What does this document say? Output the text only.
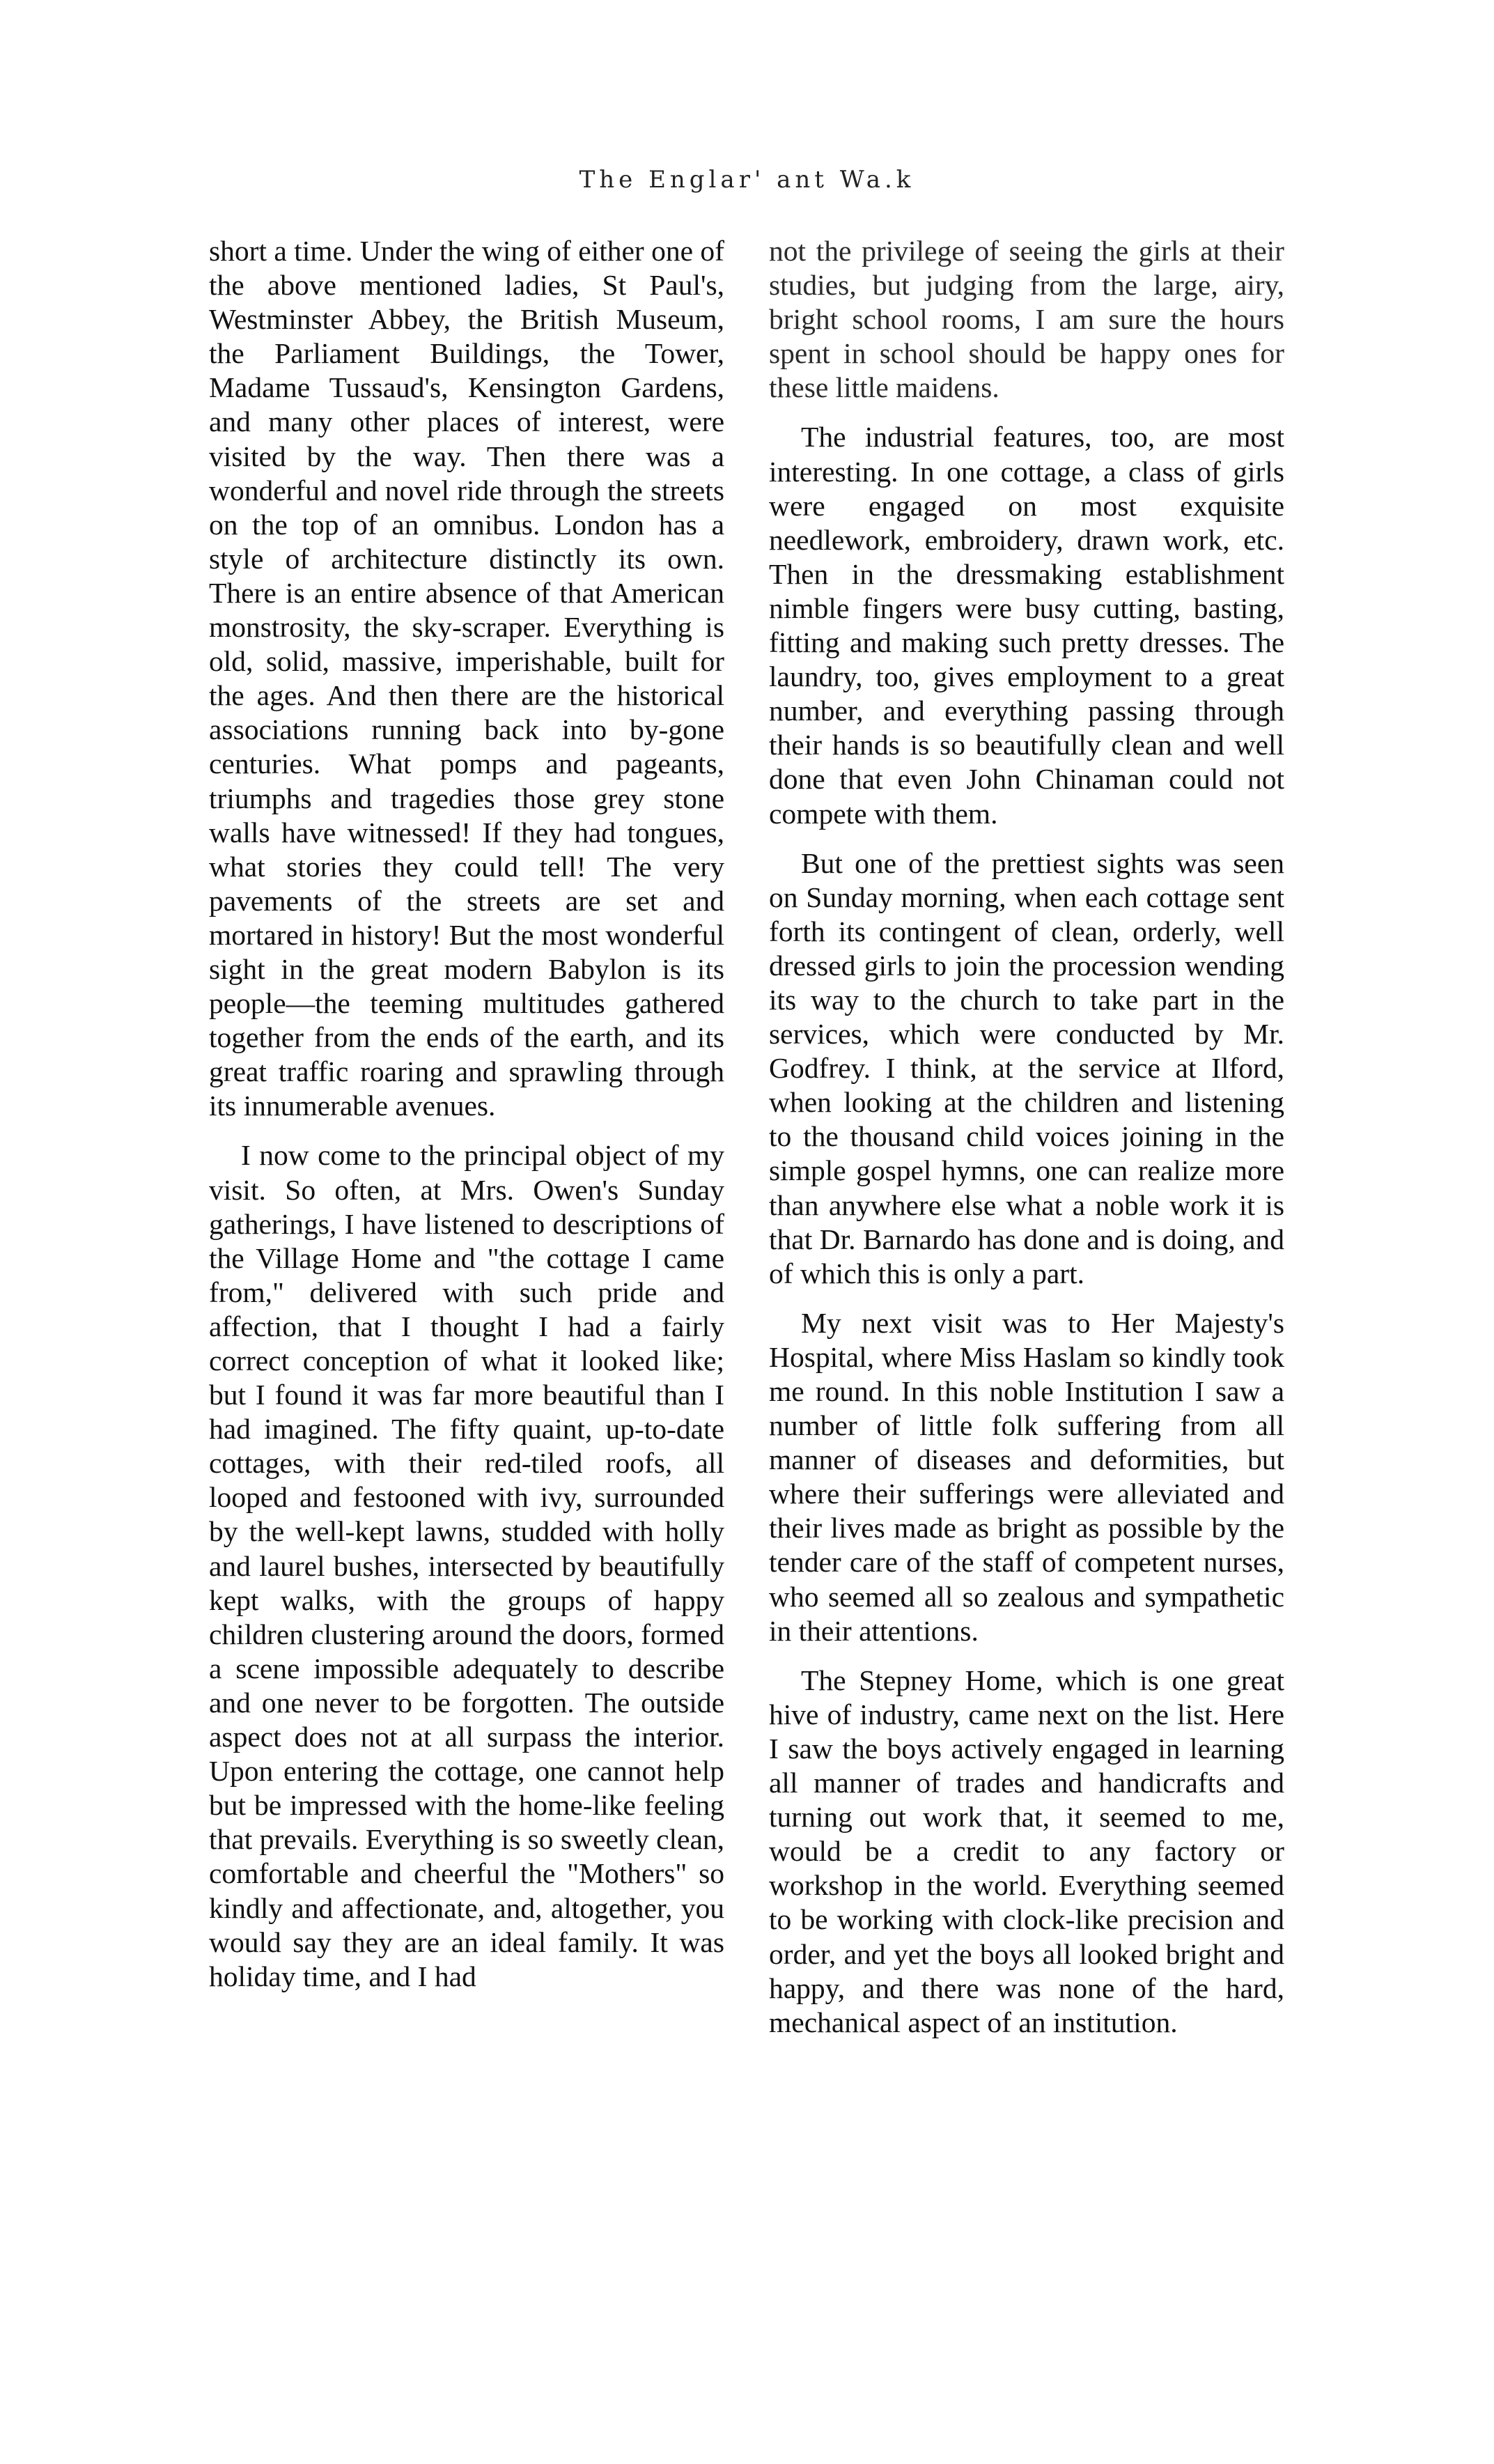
The Englar' ant Wa.k

short a time. Under the wing of either one of the above mentioned ladies, St Paul's, Westminster Abbey, the British Museum, the Parliament Buildings, the Tower, Madame Tussaud's, Kensington Gardens, and many other places of interest, were visited by the way. Then there was a wonderful and novel ride through the streets on the top of an omnibus. London has a style of architecture distinctly its own. There is an entire absence of that American monstrosity, the sky-scraper. Everything is old, solid, massive, imperishable, built for the ages. And then there are the historical associations running back into by-gone centuries. What pomps and pageants, triumphs and tragedies those grey stone walls have witnessed! If they had tongues, what stories they could tell! The very pavements of the streets are set and mortared in history! But the most wonderful sight in the great modern Babylon is its people—the teeming multitudes gathered together from the ends of the earth, and its great traffic roaring and sprawling through its innumerable avenues.

I now come to the principal object of my visit. So often, at Mrs. Owen's Sunday gatherings, I have listened to descriptions of the Village Home and "the cottage I came from," delivered with such pride and affection, that I thought I had a fairly correct conception of what it looked like; but I found it was far more beautiful than I had imagined. The fifty quaint, up-to-date cottages, with their red-tiled roofs, all looped and festooned with ivy, surrounded by the well-kept lawns, studded with holly and laurel bushes, intersected by beautifully kept walks, with the groups of happy children clustering around the doors, formed a scene impossible adequately to describe and one never to be forgotten. The outside aspect does not at all surpass the interior. Upon entering the cottage, one cannot help but be impressed with the home-like feeling that prevails. Everything is so sweetly clean, comfortable and cheerful the "Mothers" so kindly and affectionate, and, altogether, you would say they are an ideal family. It was holiday time, and I had

not the privilege of seeing the girls at their studies, but judging from the large, airy, bright school rooms, I am sure the hours spent in school should be happy ones for these little maidens.

The industrial features, too, are most interesting. In one cottage, a class of girls were engaged on most exquisite needlework, embroidery, drawn work, etc. Then in the dressmaking establishment nimble fingers were busy cutting, basting, fitting and making such pretty dresses. The laundry, too, gives employment to a great number, and everything passing through their hands is so beautifully clean and well done that even John Chinaman could not compete with them.

But one of the prettiest sights was seen on Sunday morning, when each cottage sent forth its contingent of clean, orderly, well dressed girls to join the procession wending its way to the church to take part in the services, which were conducted by Mr. Godfrey. I think, at the service at Ilford, when looking at the children and listening to the thousand child voices joining in the simple gospel hymns, one can realize more than anywhere else what a noble work it is that Dr. Barnardo has done and is doing, and of which this is only a part.

My next visit was to Her Majesty's Hospital, where Miss Haslam so kindly took me round. In this noble Institution I saw a number of little folk suffering from all manner of diseases and deformities, but where their sufferings were alleviated and their lives made as bright as possible by the tender care of the staff of competent nurses, who seemed all so zealous and sympathetic in their attentions.

The Stepney Home, which is one great hive of industry, came next on the list. Here I saw the boys actively engaged in learning all manner of trades and handicrafts and turning out work that, it seemed to me, would be a credit to any factory or workshop in the world. Everything seemed to be working with clock-like precision and order, and yet the boys all looked bright and happy, and there was none of the hard, mechanical aspect of an institution.
